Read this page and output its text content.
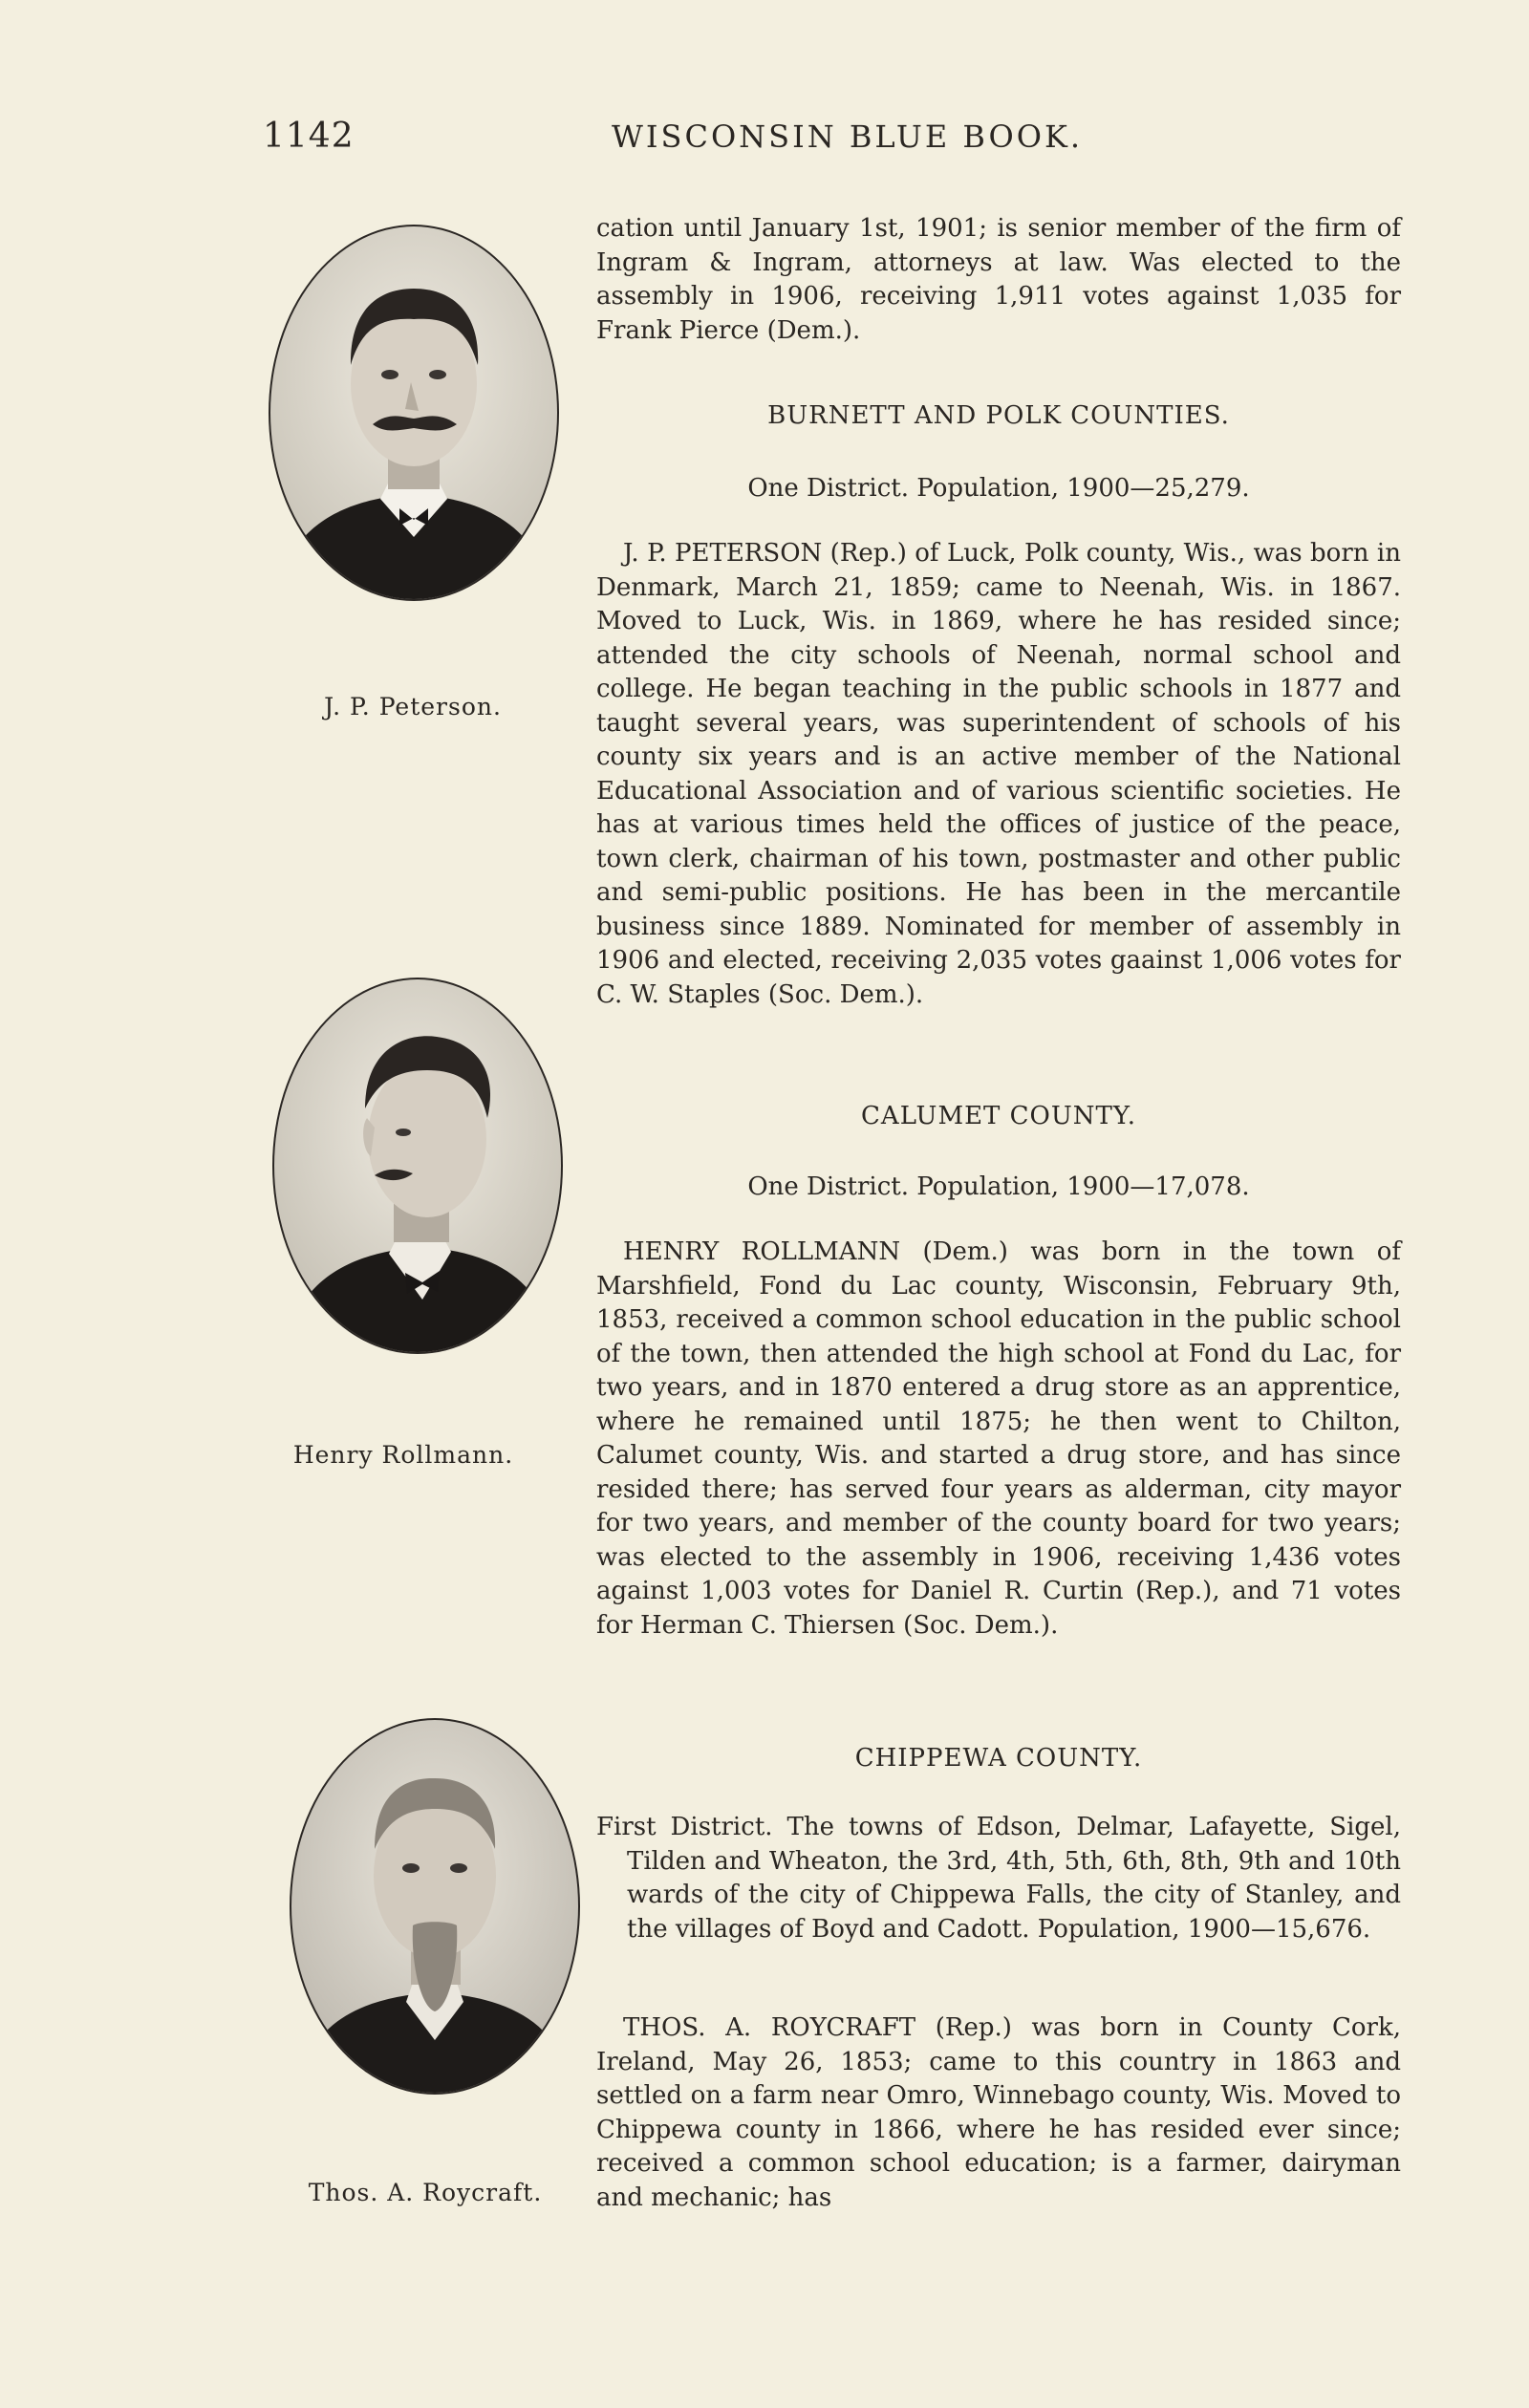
1142	WISCONSIN BLUE BOOK.
J. P. Peterson.
Henry Rollmann.
Thos. A. Roycraft.

cation until January 1st, 1901; is senior member of the firm of Ingram & Ingram, attorneys at law. Was elected to the assembly in 1906, receiving 1,911 votes against 1,035 for Frank Pierce (Dem.).

BURNETT AND POLK COUNTIES.
One District. Population, 1900—25,279.

J. P. PETERSON (Rep.) of Luck, Polk county, Wis., was born in Denmark, March 21, 1859; came to Neenah, Wis. in 1867. Moved to Luck, Wis. in 1869, where he has resided since; attended the city schools of Neenah, normal school and college. He began teaching in the public schools in 1877 and taught several years, was superintendent of schools of his county six years and is an active member of the National Educational Association and of various scientific societies. He has at various times held the offices of justice of the peace, town clerk, chairman of his town, postmaster and other public and semi-public positions. He has been in the mercantile business since 1889. Nominated for member of assembly in 1906 and elected, receiving 2,035 votes gaainst 1,006 votes for C. W. Staples (Soc. Dem.).

CALUMET COUNTY.
One District. Population, 1900—17,078.

HENRY ROLLMANN (Dem.) was born in the town of Marshfield, Fond du Lac county, Wisconsin, February 9th, 1853, received a common school education in the public school of the town, then attended the high school at Fond du Lac, for two years, and in 1870 entered a drug store as an apprentice, where he remained until 1875; he then went to Chilton, Calumet county, Wis. and started a drug store, and has since resided there; has served four years as alderman, city mayor for two years, and member of the county board for two years; was elected to the assembly in 1906, receiving 1,436 votes against 1,003 votes for Daniel R. Curtin (Rep.), and 71 votes for Herman C. Thiersen (Soc. Dem.).

CHIPPEWA COUNTY.

First District. The towns of Edson, Delmar, Lafayette, Sigel, Tilden and Wheaton, the 3rd, 4th, 5th, 6th, 8th, 9th and 10th wards of the city of Chippewa Falls, the city of Stanley, and the villages of Boyd and Cadott. Population, 1900—15,676.

THOS. A. ROYCRAFT (Rep.) was born in County Cork, Ireland, May 26, 1853; came to this country in 1863 and settled on a farm near Omro, Winnebago county, Wis. Moved to Chippewa county in 1866, where he has resided ever since; received a common school education; is a farmer, dairyman and mechanic; has
